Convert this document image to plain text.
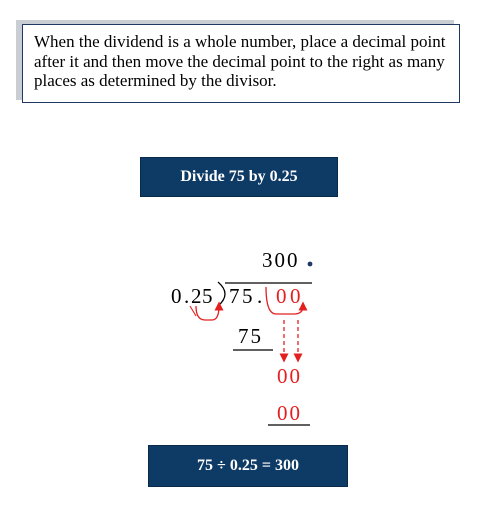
When the dividend is a whole number, place a decimal point after it and then move the decimal point to the right as many places as determined by the divisor.
Divide 75 by 0.25
300
0 . 2 5 7 5 . 0 0
75
00
00
75 ÷ 0.25 = 300
